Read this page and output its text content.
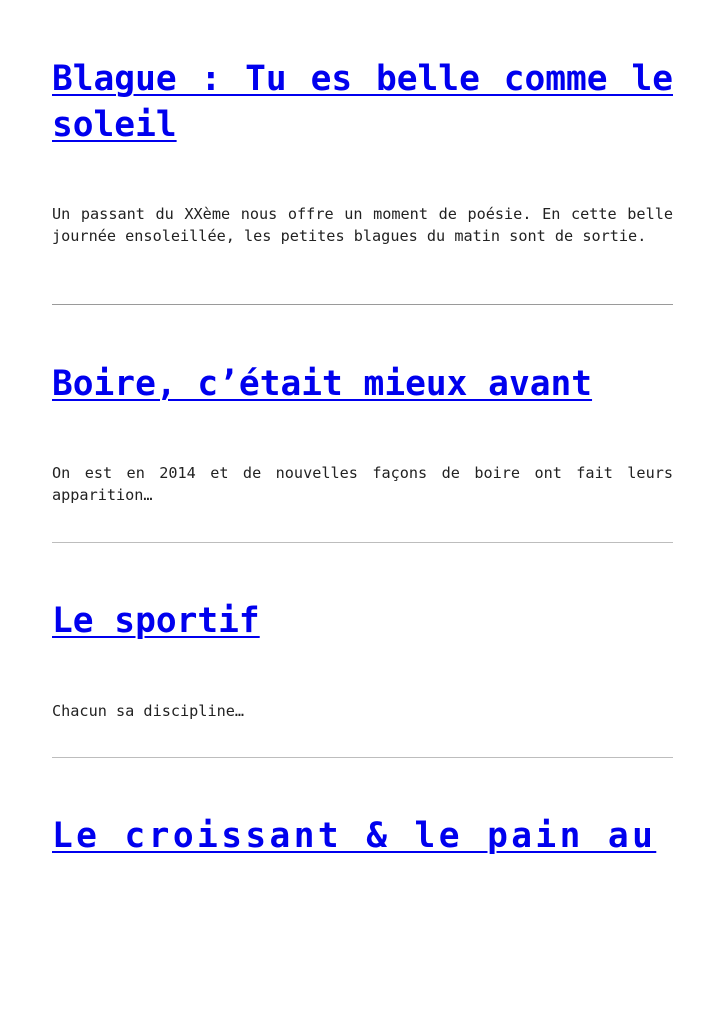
Blague : Tu es belle comme le soleil

Un passant du XXème nous offre un moment de poésie. En cette belle journée ensoleillée, les petites blagues du matin sont de sortie.

Boire, c’était mieux avant

On est en 2014 et de nouvelles façons de boire ont fait leurs apparition…

Le sportif

Chacun sa discipline…

Le croissant & le pain au
